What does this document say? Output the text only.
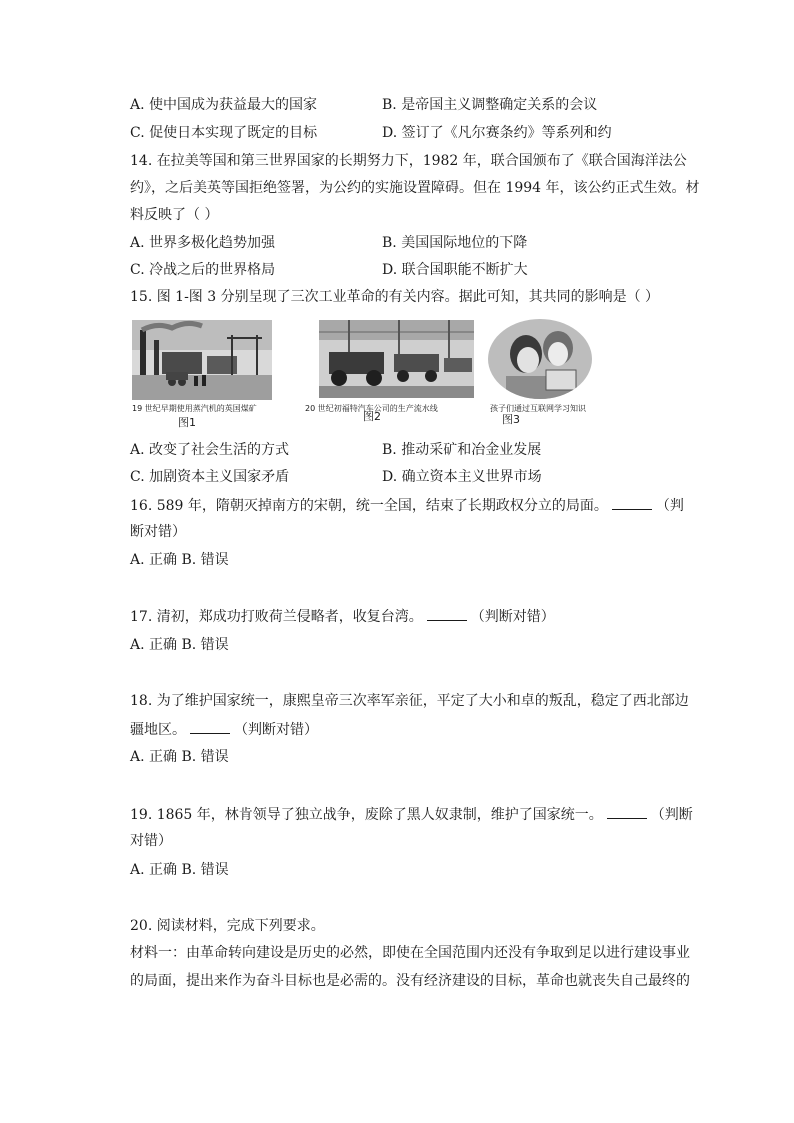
A. 使中国成为获益最大的国家	B. 是帝国主义调整确定关系的会议
C. 促使日本实现了既定的目标	D. 签订了《凡尔赛条约》等系列和约
14. 在拉美等国和第三世界国家的长期努力下，1982 年，联合国颁布了《联合国海洋法公
约》，之后美英等国拒绝签署，为公约的实施设置障碍。但在 1994 年，该公约正式生效。材
料反映了（ ）
A. 世界多极化趋势加强	B. 美国国际地位的下降
C. 冷战之后的世界格局	D. 联合国职能不断扩大
15. 图 1-图 3 分别呈现了三次工业革命的有关内容。据此可知，其共同的影响是（ ）
19 世纪早期使用蒸汽机的英国煤矿
图1
20 世纪初福特汽车公司的生产流水线
图2
孩子们通过互联网学习知识
图3
A. 改变了社会生活的方式	B. 推动采矿和冶金业发展
C. 加剧资本主义国家矛盾	D. 确立资本主义世界市场
16. 589 年，隋朝灭掉南方的宋朝，统一全国，结束了长期政权分立的局面。	（判
断对错）
A. 正确 B. 错误
17. 清初，郑成功打败荷兰侵略者，收复台湾。	（判断对错）
A. 正确 B. 错误
18. 为了维护国家统一，康熙皇帝三次率军亲征，平定了大小和卓的叛乱，稳定了西北部边
疆地区。	（判断对错）
A. 正确 B. 错误
19. 1865 年，林肯领导了独立战争，废除了黑人奴隶制，维护了国家统一。	（判断
对错）
A. 正确 B. 错误
20. 阅读材料，完成下列要求。
材料一：由革命转向建设是历史的必然，即使在全国范围内还没有争取到足以进行建设事业
的局面，提出来作为奋斗目标也是必需的。没有经济建设的目标，革命也就丧失自己最终的
